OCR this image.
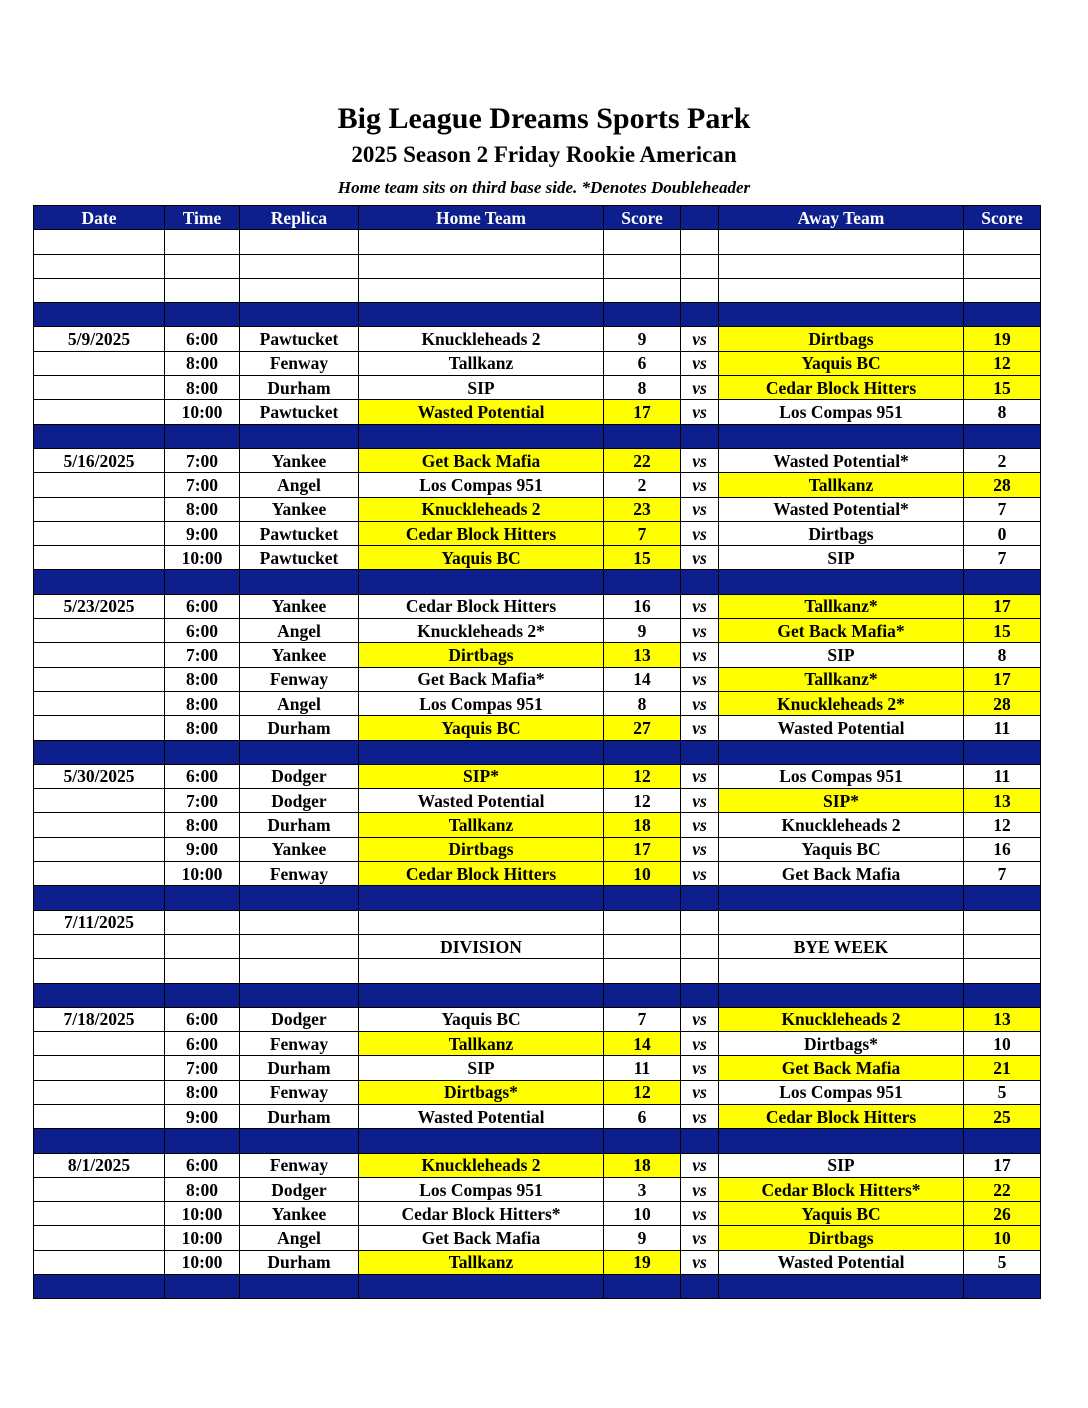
Big League Dreams Sports Park
2025 Season 2 Friday Rookie American
Home team sits on third base side. *Denotes Doubleheader
Date	Time	Replica	Home Team	Score		Away Team	Score

5/9/2025	6:00	Pawtucket	Knuckleheads 2	9	vs	Dirtbags	19
	8:00	Fenway	Tallkanz	6	vs	Yaquis BC	12
	8:00	Durham	SIP	8	vs	Cedar Block Hitters	15
	10:00	Pawtucket	Wasted Potential	17	vs	Los Compas 951	8

5/16/2025	7:00	Yankee	Get Back Mafia	22	vs	Wasted Potential*	2
	7:00	Angel	Los Compas 951	2	vs	Tallkanz	28
	8:00	Yankee	Knuckleheads 2	23	vs	Wasted Potential*	7
	9:00	Pawtucket	Cedar Block Hitters	7	vs	Dirtbags	0
	10:00	Pawtucket	Yaquis BC	15	vs	SIP	7

5/23/2025	6:00	Yankee	Cedar Block Hitters	16	vs	Tallkanz*	17
	6:00	Angel	Knuckleheads 2*	9	vs	Get Back Mafia*	15
	7:00	Yankee	Dirtbags	13	vs	SIP	8
	8:00	Fenway	Get Back Mafia*	14	vs	Tallkanz*	17
	8:00	Angel	Los Compas 951	8	vs	Knuckleheads 2*	28
	8:00	Durham	Yaquis BC	27	vs	Wasted Potential	11

5/30/2025	6:00	Dodger	SIP*	12	vs	Los Compas 951	11
	7:00	Dodger	Wasted Potential	12	vs	SIP*	13
	8:00	Durham	Tallkanz	18	vs	Knuckleheads 2	12
	9:00	Yankee	Dirtbags	17	vs	Yaquis BC	16
	10:00	Fenway	Cedar Block Hitters	10	vs	Get Back Mafia	7

7/11/2025							
			DIVISION			BYE WEEK	

7/18/2025	6:00	Dodger	Yaquis BC	7	vs	Knuckleheads 2	13
	6:00	Fenway	Tallkanz	14	vs	Dirtbags*	10
	7:00	Durham	SIP	11	vs	Get Back Mafia	21
	8:00	Fenway	Dirtbags*	12	vs	Los Compas 951	5
	9:00	Durham	Wasted Potential	6	vs	Cedar Block Hitters	25

8/1/2025	6:00	Fenway	Knuckleheads 2	18	vs	SIP	17
	8:00	Dodger	Los Compas 951	3	vs	Cedar Block Hitters*	22
	10:00	Yankee	Cedar Block Hitters*	10	vs	Yaquis BC	26
	10:00	Angel	Get Back Mafia	9	vs	Dirtbags	10
	10:00	Durham	Tallkanz	19	vs	Wasted Potential	5
